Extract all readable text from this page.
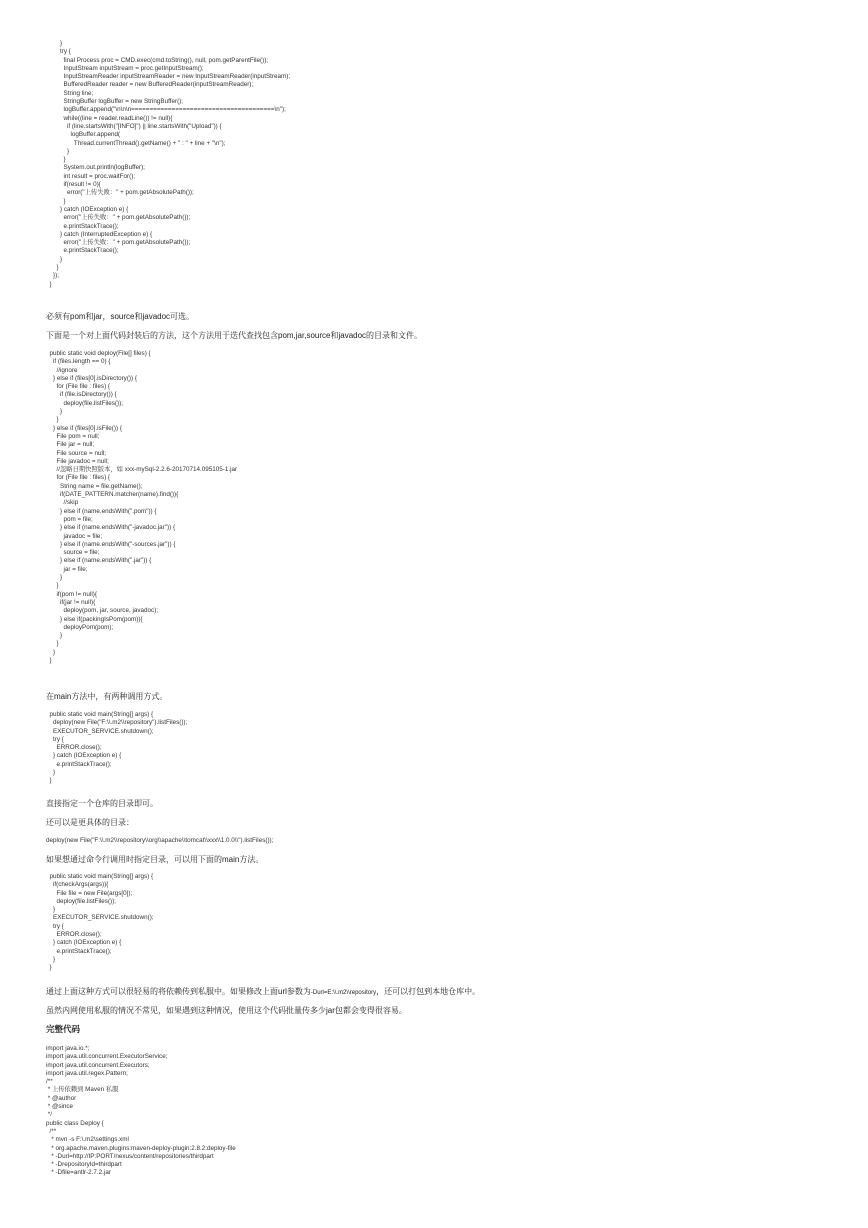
}
try {
final Process proc = CMD.exec(cmd.toString(), null, pom.getParentFile());
InputStream inputStream = proc.getInputStream();
InputStreamReader inputStreamReader = new InputStreamReader(inputStream);
BufferedReader reader = new BufferedReader(inputStreamReader);
String line;
StringBuffer logBuffer = new StringBuffer();
logBuffer.append("\n\n\n=======================================\n");
while((line = reader.readLine()) != null){
if (line.startsWith("[INFO]") || line.startsWith("Upload")) {
logBuffer.append(
Thread.currentThread().getName() + " : " + line + "\n");
}
}
System.out.println(logBuffer);
int result = proc.waitFor();
if(result != 0){
error("上传失败：" + pom.getAbsolutePath());
}
} catch (IOException e) {
error("上传失败：" + pom.getAbsolutePath());
e.printStackTrace();
} catch (InterruptedException e) {
error("上传失败：" + pom.getAbsolutePath());
e.printStackTrace();
}
}
});
}

必须有pom和jar，source和javadoc可选。

下面是一个对上面代码封装后的方法，这个方法用于迭代查找包含pom,jar,source和javadoc的目录和文件。

public static void deploy(File[] files) {
if (files.length == 0) {
//ignore
} else if (files[0].isDirectory()) {
for (File file : files) {
if (file.isDirectory()) {
deploy(file.listFiles());
}
}
} else if (files[0].isFile()) {
File pom = null;
File jar = null;
File source = null;
File javadoc = null;
//忽略日期快照版本，如 xxx-mySql-2.2.6-20170714.095105-1.jar
for (File file : files) {
String name = file.getName();
if(DATE_PATTERN.matcher(name).find()){
//skip
} else if (name.endsWith(".pom")) {
pom = file;
} else if (name.endsWith("-javadoc.jar")) {
javadoc = file;
} else if (name.endsWith("-sources.jar")) {
source = file;
} else if (name.endsWith(".jar")) {
jar = file;
}
}
if(pom != null){
if(jar != null){
deploy(pom, jar, source, javadoc);
} else if(packingIsPom(pom)){
deployPom(pom);
}
}
}
}

在main方法中，有两种调用方式。

public static void main(String[] args) {
deploy(new File("F:\\.m2\\repository").listFiles());
EXECUTOR_SERVICE.shutdown();
try {
ERROR.close();
} catch (IOException e) {
e.printStackTrace();
}
}

直接指定一个仓库的目录即可。

还可以是更具体的目录：

deploy(new File("F:\\.m2\\repository\\org\\apache\\tomcat\\xxx\\1.0.0\\").listFiles());

如果想通过命令行调用时指定目录，可以用下面的main方法。

public static void main(String[] args) {
if(checkArgs(args)){
File file = new File(args[0]);
deploy(file.listFiles());
}
EXECUTOR_SERVICE.shutdown();
try {
ERROR.close();
} catch (IOException e) {
e.printStackTrace();
}
}

通过上面这种方式可以很轻易的将依赖传到私服中。如果修改上面url参数为-Durl=E:\\.m2\\repository，还可以打包到本地仓库中。

虽然内网使用私服的情况不常见，如果遇到这种情况，使用这个代码批量传多少jar包都会变得很容易。

完整代码
import java.io.*;
import java.util.concurrent.ExecutorService;
import java.util.concurrent.Executors;
import java.util.regex.Pattern;
/**
* 上传依赖到 Maven 私服
* @author
* @since
*/
public class Deploy {
/**
* mvn -s F:\.m2\settings.xml
* org.apache.maven.plugins:maven-deploy-plugin:2.8.2:deploy-file
* -Durl=http://IP:PORT/nexus/content/repositories/thirdpart
* -DrepositoryId=thirdpart
* -Dfile=antlr-2.7.2.jar
